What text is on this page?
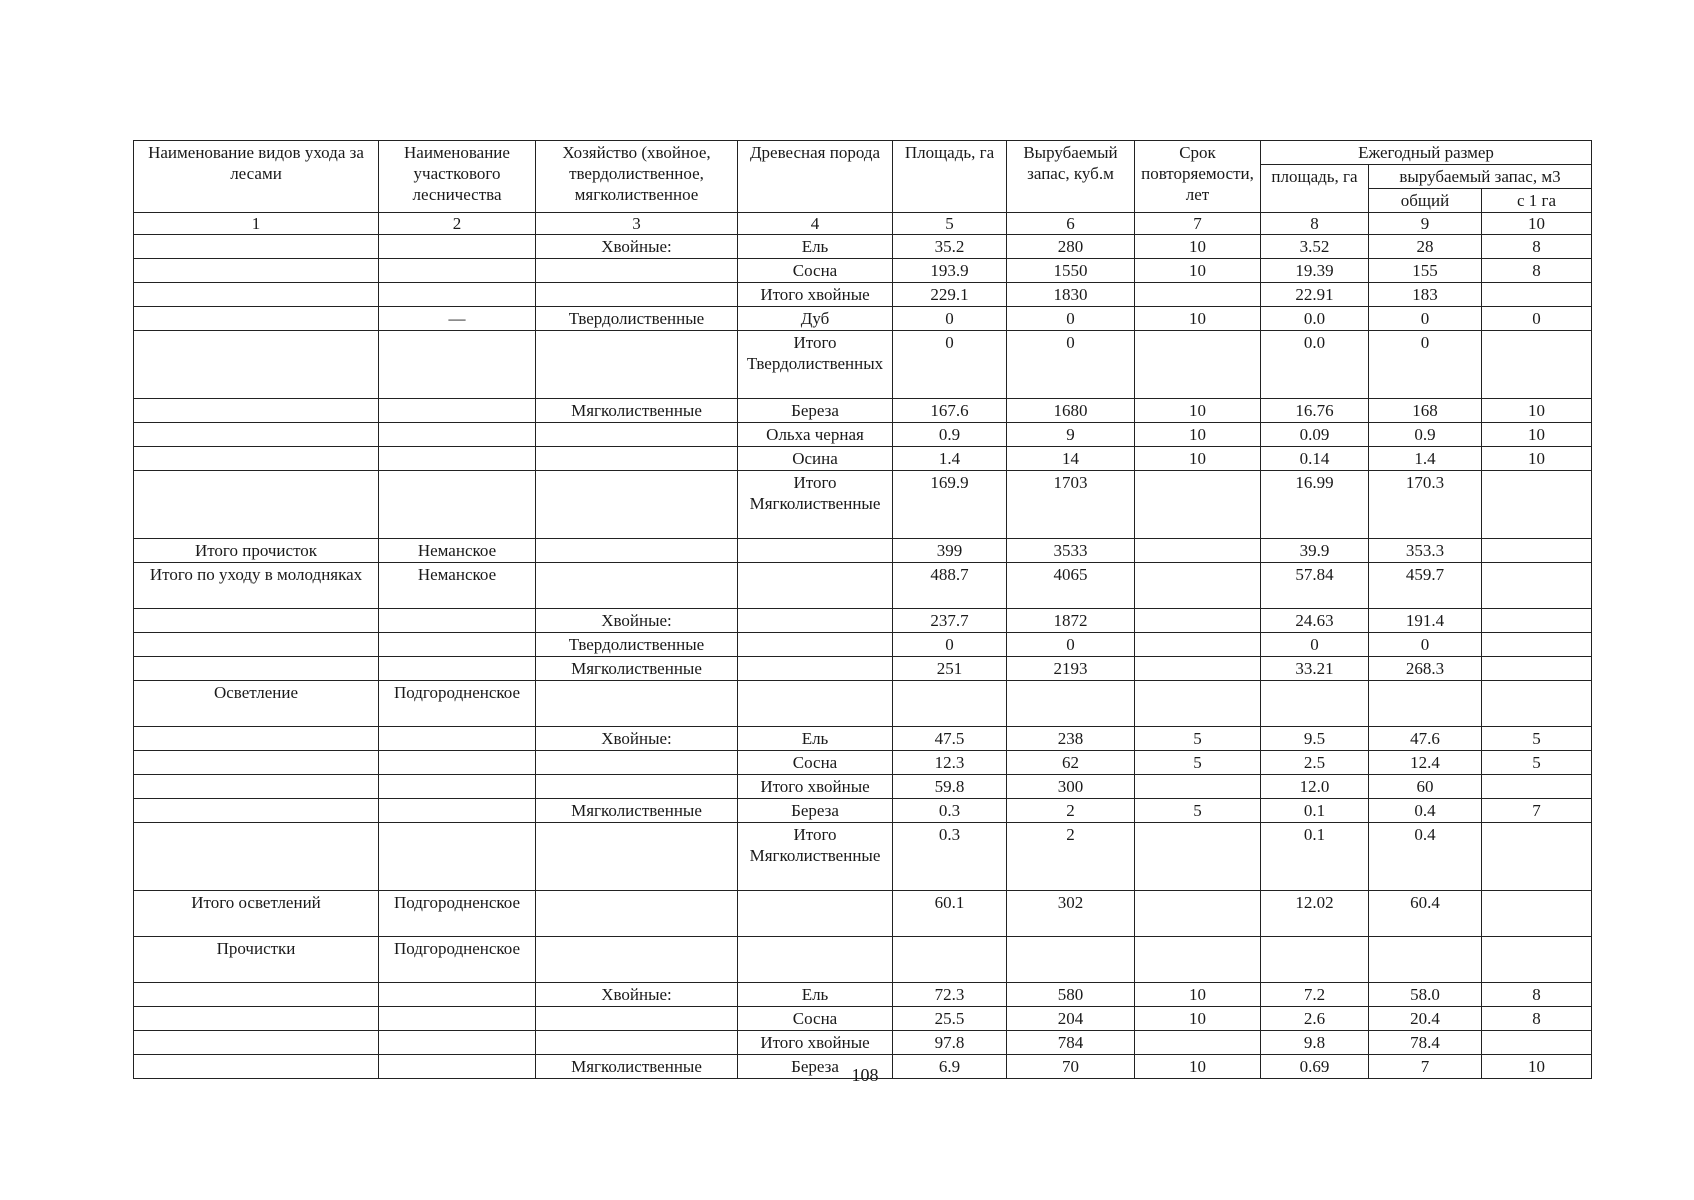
Наименование видов ухода за лесами	Наименование участкового лесничества	Хозяйство (хвойное, твердолиственное, мягколиственное	Древесная порода	Площадь, га	Вырубаемый запас, куб.м	Срок повторяемости, лет	Ежегодный размер		
							площадь, га	вырубаемый запас, м3	
								общий	с 1 га
1	2	3	4	5	6	7	8	9	10
		Хвойные:	Ель	35.2	280	10	3.52	28	8
			Сосна	193.9	1550	10	19.39	155	8
			Итого хвойные	229.1	1830		22.91	183	
	—	Твердолиственные	Дуб	0	0	10	0.0	0	0
			Итого Твердолиственных	0	0		0.0	0	
		Мягколиственные	Береза	167.6	1680	10	16.76	168	10
			Ольха черная	0.9	9	10	0.09	0.9	10
			Осина	1.4	14	10	0.14	1.4	10
			Итого Мягколиственные	169.9	1703		16.99	170.3	
Итого прочисток	Неманское			399	3533		39.9	353.3	
Итого по уходу в молодняках	Неманское			488.7	4065		57.84	459.7	
		Хвойные:		237.7	1872		24.63	191.4	
		Твердолиственные		0	0		0	0	
		Мягколиственные		251	2193		33.21	268.3	
Осветление	Подгородненское								
		Хвойные:	Ель	47.5	238	5	9.5	47.6	5
			Сосна	12.3	62	5	2.5	12.4	5
			Итого хвойные	59.8	300		12.0	60	
		Мягколиственные	Береза	0.3	2	5	0.1	0.4	7
			Итого Мягколиственные	0.3	2		0.1	0.4	
Итого осветлений	Подгородненское			60.1	302		12.02	60.4	
Прочистки	Подгородненское								
		Хвойные:	Ель	72.3	580	10	7.2	58.0	8
			Сосна	25.5	204	10	2.6	20.4	8
			Итого хвойные	97.8	784		9.8	78.4	
		Мягколиственные	Береза	6.9	70	10	0.69	7	10
108
